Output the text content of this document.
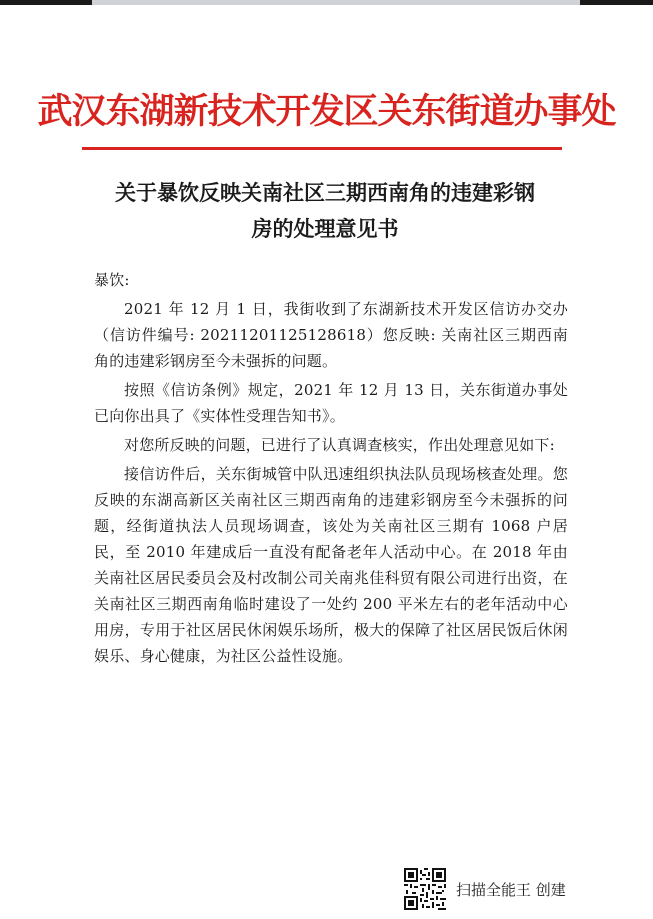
武汉东湖新技术开发区关东街道办事处
关于暴饮反映关南社区三期西南角的违建彩钢
房的处理意见书

暴饮:

2021 年 12 月 1 日，我街收到了东湖新技术开发区信访办交办（信访件编号: 20211201125128618）您反映: 关南社区三期西南角的违建彩钢房至今未强拆的问题。

按照《信访条例》规定，2021 年 12 月 13 日，关东街道办事处已向你出具了《实体性受理告知书》。

对您所反映的问题，已进行了认真调查核实，作出处理意见如下:

接信访件后，关东街城管中队迅速组织执法队员现场核查处理。您反映的东湖高新区关南社区三期西南角的违建彩钢房至今未强拆的问题，经街道执法人员现场调查，该处为关南社区三期有 1068 户居民，至 2010 年建成后一直没有配备老年人活动中心。在 2018 年由关南社区居民委员会及村改制公司关南兆佳科贸有限公司进行出资，在关南社区三期西南角临时建设了一处约 200 平米左右的老年活动中心用房，专用于社区居民休闲娱乐场所，极大的保障了社区居民饭后休闲娱乐、身心健康，为社区公益性设施。

扫描全能王 创建
